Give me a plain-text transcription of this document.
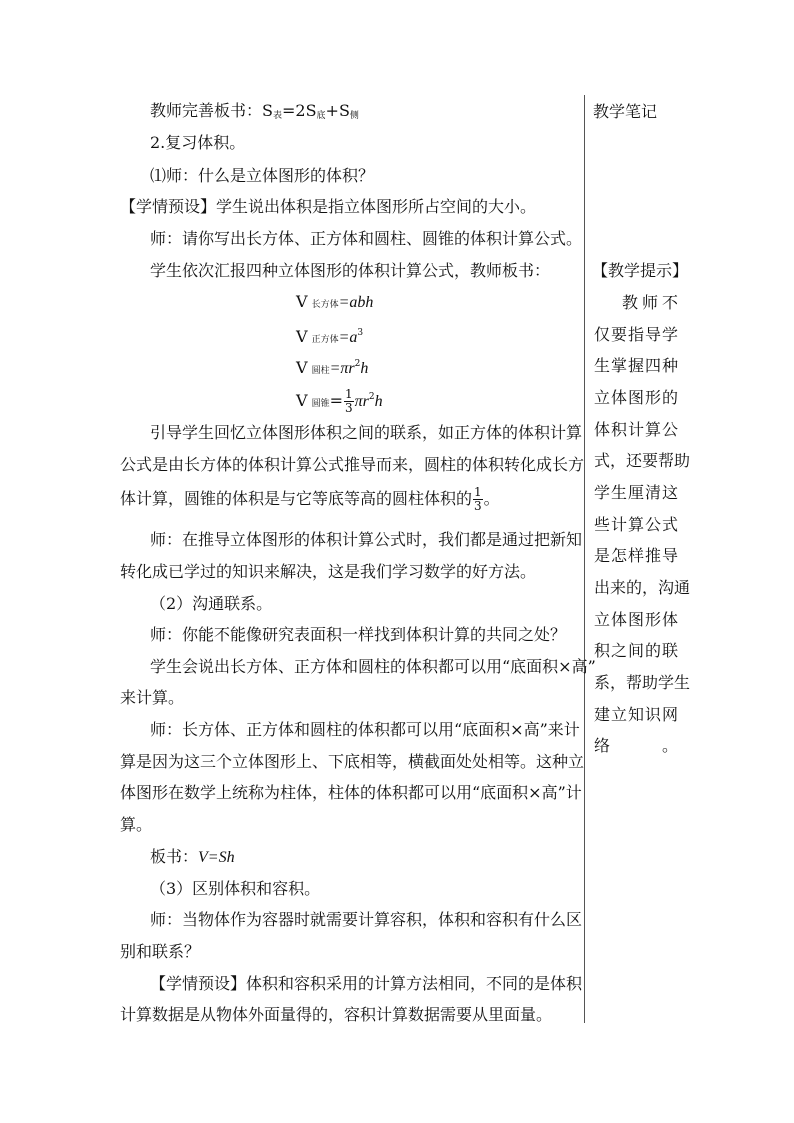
教师完善板书：$S_表=2S_底+S_侧$
2.复习体积。
⑴师：什么是立体图形的体积？
【学情预设】学生说出体积是指立体图形所占空间的大小。
师：请你写出长方体、正方体和圆柱、圆锥的体积计算公式。
学生依次汇报四种立体图形的体积计算公式，教师板书：
V长方体=abh
V正方体$=a^3$
V圆柱$=\pi r^2h$
V圆锥= $\frac{1}{3} \pi r^2h$
引导学生回忆立体图形体积之间的联系，如正方体的体积计算
公式是由长方体的体积计算公式推导而来，圆柱的体积转化成长方
体计算，圆锥的体积是与它等底等高的圆柱体积的 $\frac{1}{3}$ 。
师：在推导立体图形的体积计算公式时，我们都是通过把新知
转化成已学过的知识来解决，这是我们学习数学的好方法。
（2）沟通联系。
师：你能不能像研究表面积一样找到体积计算的共同之处？
学生会说出长方体、正方体和圆柱的体积都可以用“底面积×高”
来计算。
师：长方体、正方体和圆柱的体积都可以用“底面积×高”来计
算是因为这三个立体图形上、下底相等，横截面处处相等。这种立
体图形在数学上统称为柱体，柱体的体积都可以用“底面积×高”计
算。
板书：V=Sh
（3）区别体积和容积。
师：当物体作为容器时就需要计算容积，体积和容积有什么区
别和联系？
【学情预设】体积和容积采用的计算方法相同，不同的是体积
计算数据是从物体外面量得的，容积计算数据需要从里面量。
教学笔记
【教学提示】
教师不
仅要指导学
生掌握四种
立体图形的
体积计算公
式，还要帮助
学生厘清这
些计算公式
是怎样推导
出来的，沟通
立体图形体
积之间的联
系，帮助学生
建立知识网
络。
